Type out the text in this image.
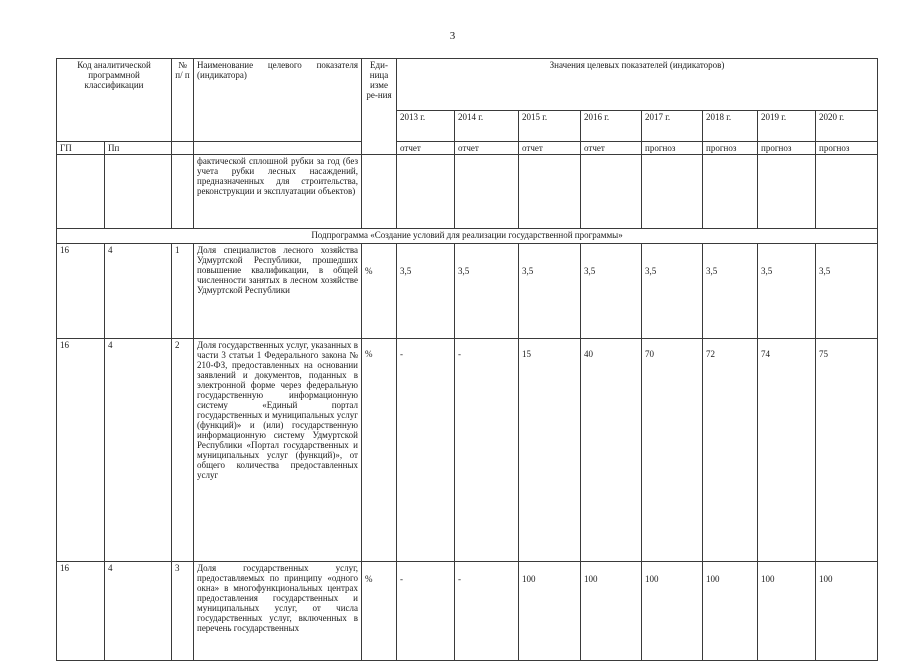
3
Код аналитической программной классификации		№ п/ п	Наименование целевого показателя (индикатора)	Еди-ница изме ре-ния	Значения целевых показателей (индикаторов)							
					2013 г.	2014 г.	2015 г.	2016 г.	2017 г.	2018 г.	2019 г.	2020 г.
ГП	Пп				отчет	отчет	отчет	отчет	прогноз	прогноз	прогноз	прогноз
			фактической сплошной рубки за год (без учета рубки лесных насаждений, предназначенных для строительства, реконструкции и эксплуатации объектов)									
Подпрограмма «Создание условий для реализации государственной программы»												
16	4	1	Доля специалистов лесного хозяйства Удмуртской Республики, прошедших повышение квалификации, в общей численности занятых в лесном хозяйстве Удмуртской Республики	%	3,5	3,5	3,5	3,5	3,5	3,5	3,5	3,5
16	4	2	Доля государственных услуг, указанных в части 3 статьи 1 Федерального закона № 210-ФЗ, предоставленных на основании заявлений и документов, поданных в электронной форме через федеральную государственную информационную систему «Единый портал государственных и муниципальных услуг (функций)» и (или) государственную информационную систему Удмуртской Республики «Портал государственных и муниципальных услуг (функций)», от общего количества предоставленных услуг	%	-	-	15	40	70	72	74	75
16	4	3	Доля государственных услуг, предоставляемых по принципу «одного окна» в многофункциональных центрах предоставления государственных и муниципальных услуг, от числа государственных услуг, включенных в перечень государственных	%	-	-	100	100	100	100	100	100
